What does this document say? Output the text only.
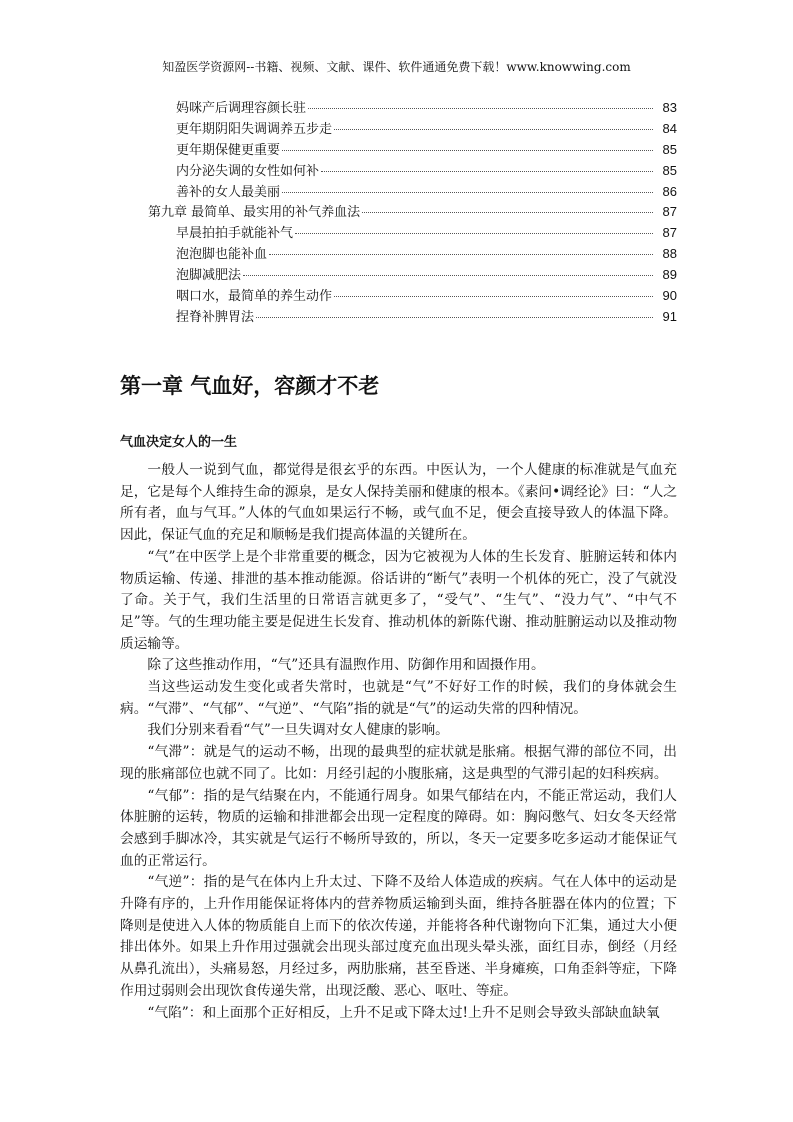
知盈医学资源网--书籍、视频、文献、课件、软件通通免费下载！www.knowwing.com
妈咪产后调理容颜长驻	83
更年期阴阳失调调养五步走	84
更年期保健更重要	85
内分泌失调的女性如何补	85
善补的女人最美丽	86
第九章 最简单、最实用的补气养血法	87
早晨拍拍手就能补气	87
泡泡脚也能补血	88
泡脚减肥法	89
咽口水，最简单的养生动作	90
捏脊补脾胃法	91
第一章 气血好，容颜才不老
气血决定女人的一生

一般人一说到气血，都觉得是很玄乎的东西。中医认为，一个人健康的标准就是气血充足，它是每个人维持生命的源泉，是女人保持美丽和健康的根本。《素问•调经论》曰：“人之所有者，血与气耳。”人体的气血如果运行不畅，或气血不足，便会直接导致人的体温下降。因此，保证气血的充足和顺畅是我们提高体温的关键所在。

“气”在中医学上是个非常重要的概念，因为它被视为人体的生长发育、脏腑运转和体内物质运输、传递、排泄的基本推动能源。俗话讲的“断气”表明一个机体的死亡，没了气就没了命。关于气，我们生活里的日常语言就更多了，“受气”、“生气”、“没力气”、“中气不足”等。气的生理功能主要是促进生长发育、推动机体的新陈代谢、推动脏腑运动以及推动物质运输等。

除了这些推动作用，“气”还具有温煦作用、防御作用和固摄作用。

当这些运动发生变化或者失常时，也就是“气”不好好工作的时候，我们的身体就会生病。“气滞”、“气郁”、“气逆”、“气陷”指的就是“气”的运动失常的四种情况。

我们分别来看看“气”一旦失调对女人健康的影响。

“气滞”：就是气的运动不畅，出现的最典型的症状就是胀痛。根据气滞的部位不同，出现的胀痛部位也就不同了。比如：月经引起的小腹胀痛，这是典型的气滞引起的妇科疾病。

“气郁”：指的是气结聚在内，不能通行周身。如果气郁结在内，不能正常运动，我们人体脏腑的运转，物质的运输和排泄都会出现一定程度的障碍。如：胸闷憋气、妇女冬天经常会感到手脚冰冷，其实就是气运行不畅所导致的，所以，冬天一定要多吃多运动才能保证气血的正常运行。

“气逆”：指的是气在体内上升太过、下降不及给人体造成的疾病。气在人体中的运动是升降有序的，上升作用能保证将体内的营养物质运输到头面，维持各脏器在体内的位置；下降则是使进入人体的物质能自上而下的依次传递，并能将各种代谢物向下汇集，通过大小便排出体外。如果上升作用过强就会出现头部过度充血出现头晕头涨，面红目赤，倒经（月经从鼻孔流出），头痛易怒，月经过多，两肋胀痛，甚至昏迷、半身瘫痪，口角歪斜等症，下降作用过弱则会出现饮食传递失常，出现泛酸、恶心、呕吐、等症。

“气陷”：和上面那个正好相反，上升不足或下降太过!上升不足则会导致头部缺血缺氧
